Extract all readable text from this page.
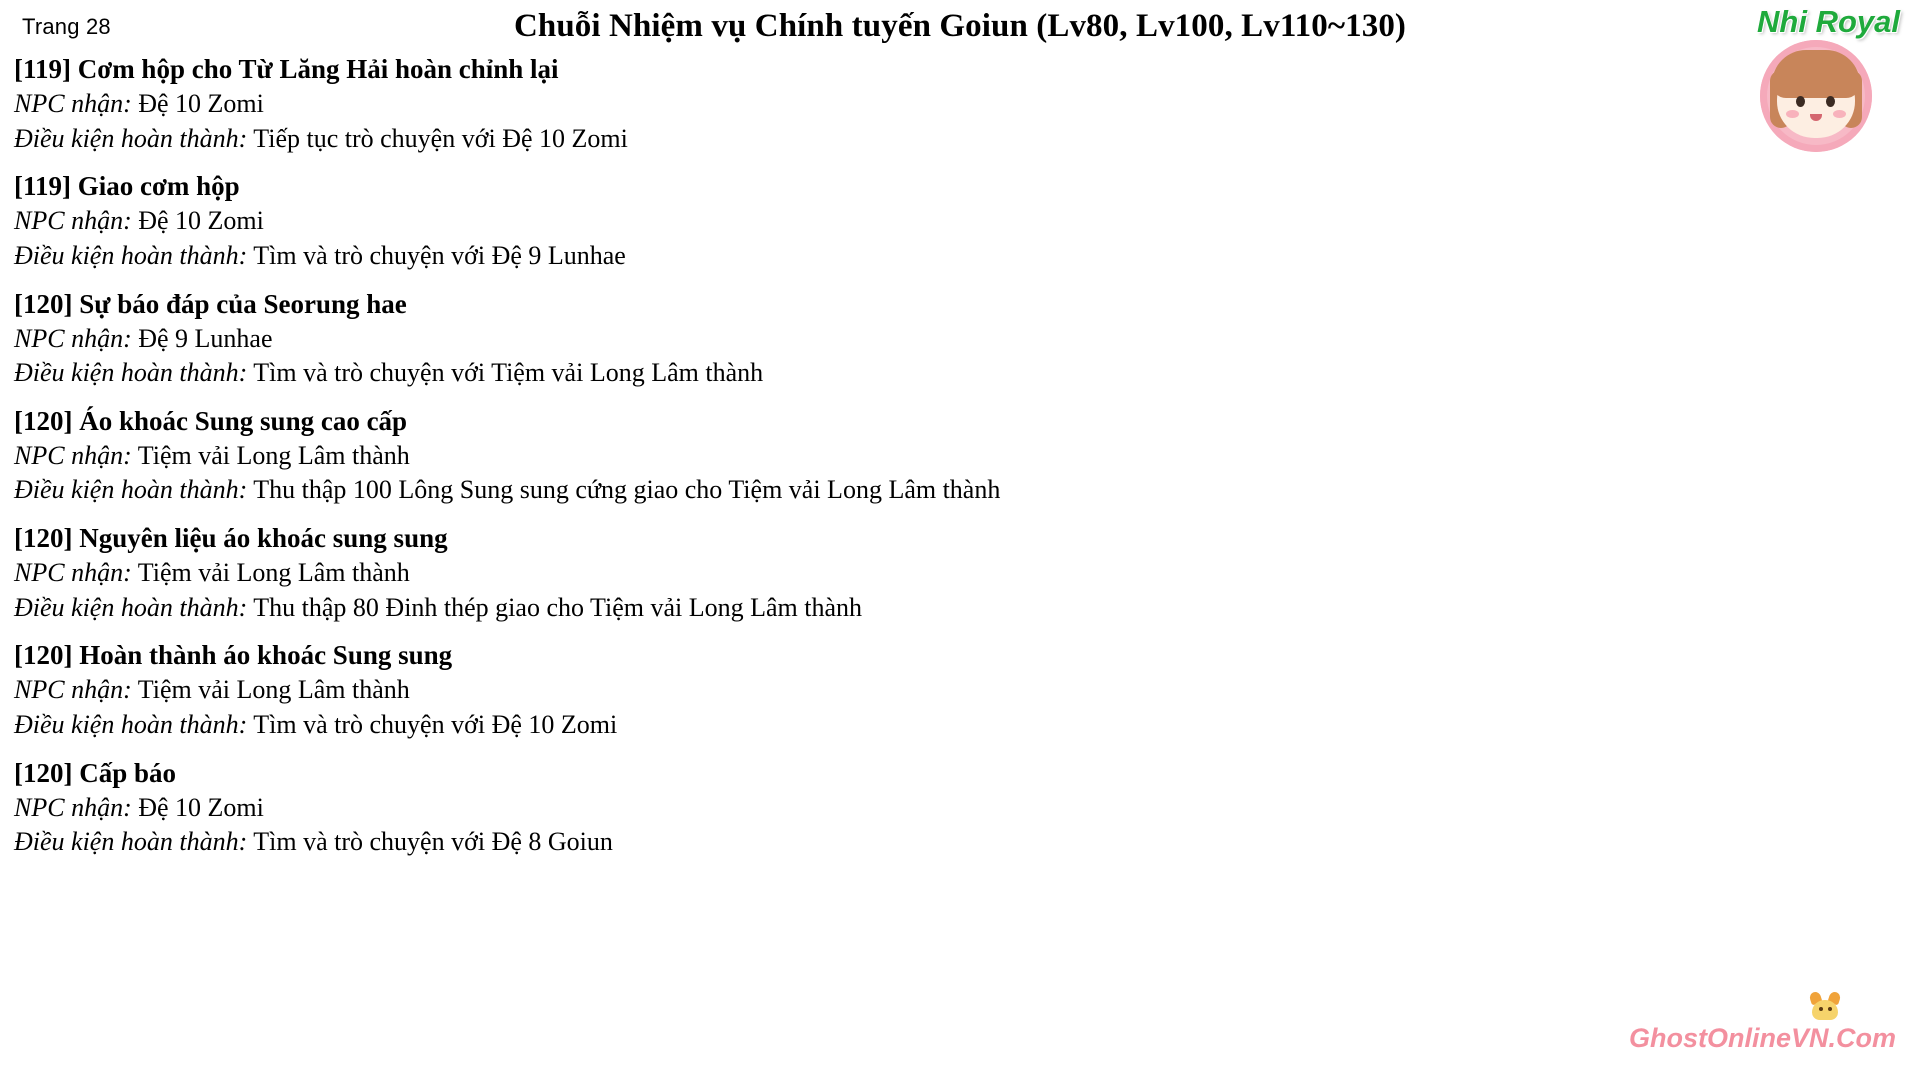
Trang 28	Chuỗi Nhiệm vụ Chính tuyến Goiun (Lv80, Lv100, Lv110~130)	Nhi Royal
[119] Cơm hộp cho Từ Lăng Hải hoàn chỉnh lại
NPC nhận: Đệ 10 Zomi
Điều kiện hoàn thành: Tiếp tục trò chuyện với Đệ 10 Zomi
[119] Giao cơm hộp
NPC nhận: Đệ 10 Zomi
Điều kiện hoàn thành: Tìm và trò chuyện với Đệ 9 Lunhae
[120] Sự báo đáp của Seorung hae
NPC nhận: Đệ 9 Lunhae
Điều kiện hoàn thành: Tìm và trò chuyện với Tiệm vải Long Lâm thành
[120] Áo khoác Sung sung cao cấp
NPC nhận: Tiệm vải Long Lâm thành
Điều kiện hoàn thành: Thu thập 100 Lông Sung sung cứng giao cho Tiệm vải Long Lâm thành
[120] Nguyên liệu áo khoác sung sung
NPC nhận: Tiệm vải Long Lâm thành
Điều kiện hoàn thành: Thu thập 80 Đinh thép giao cho Tiệm vải Long Lâm thành
[120] Hoàn thành áo khoác Sung sung
NPC nhận: Tiệm vải Long Lâm thành
Điều kiện hoàn thành: Tìm và trò chuyện với Đệ 10 Zomi
[120] Cấp báo
NPC nhận: Đệ 10 Zomi
Điều kiện hoàn thành: Tìm và trò chuyện với Đệ 8 Goiun
GhostOnlineVN.Com
